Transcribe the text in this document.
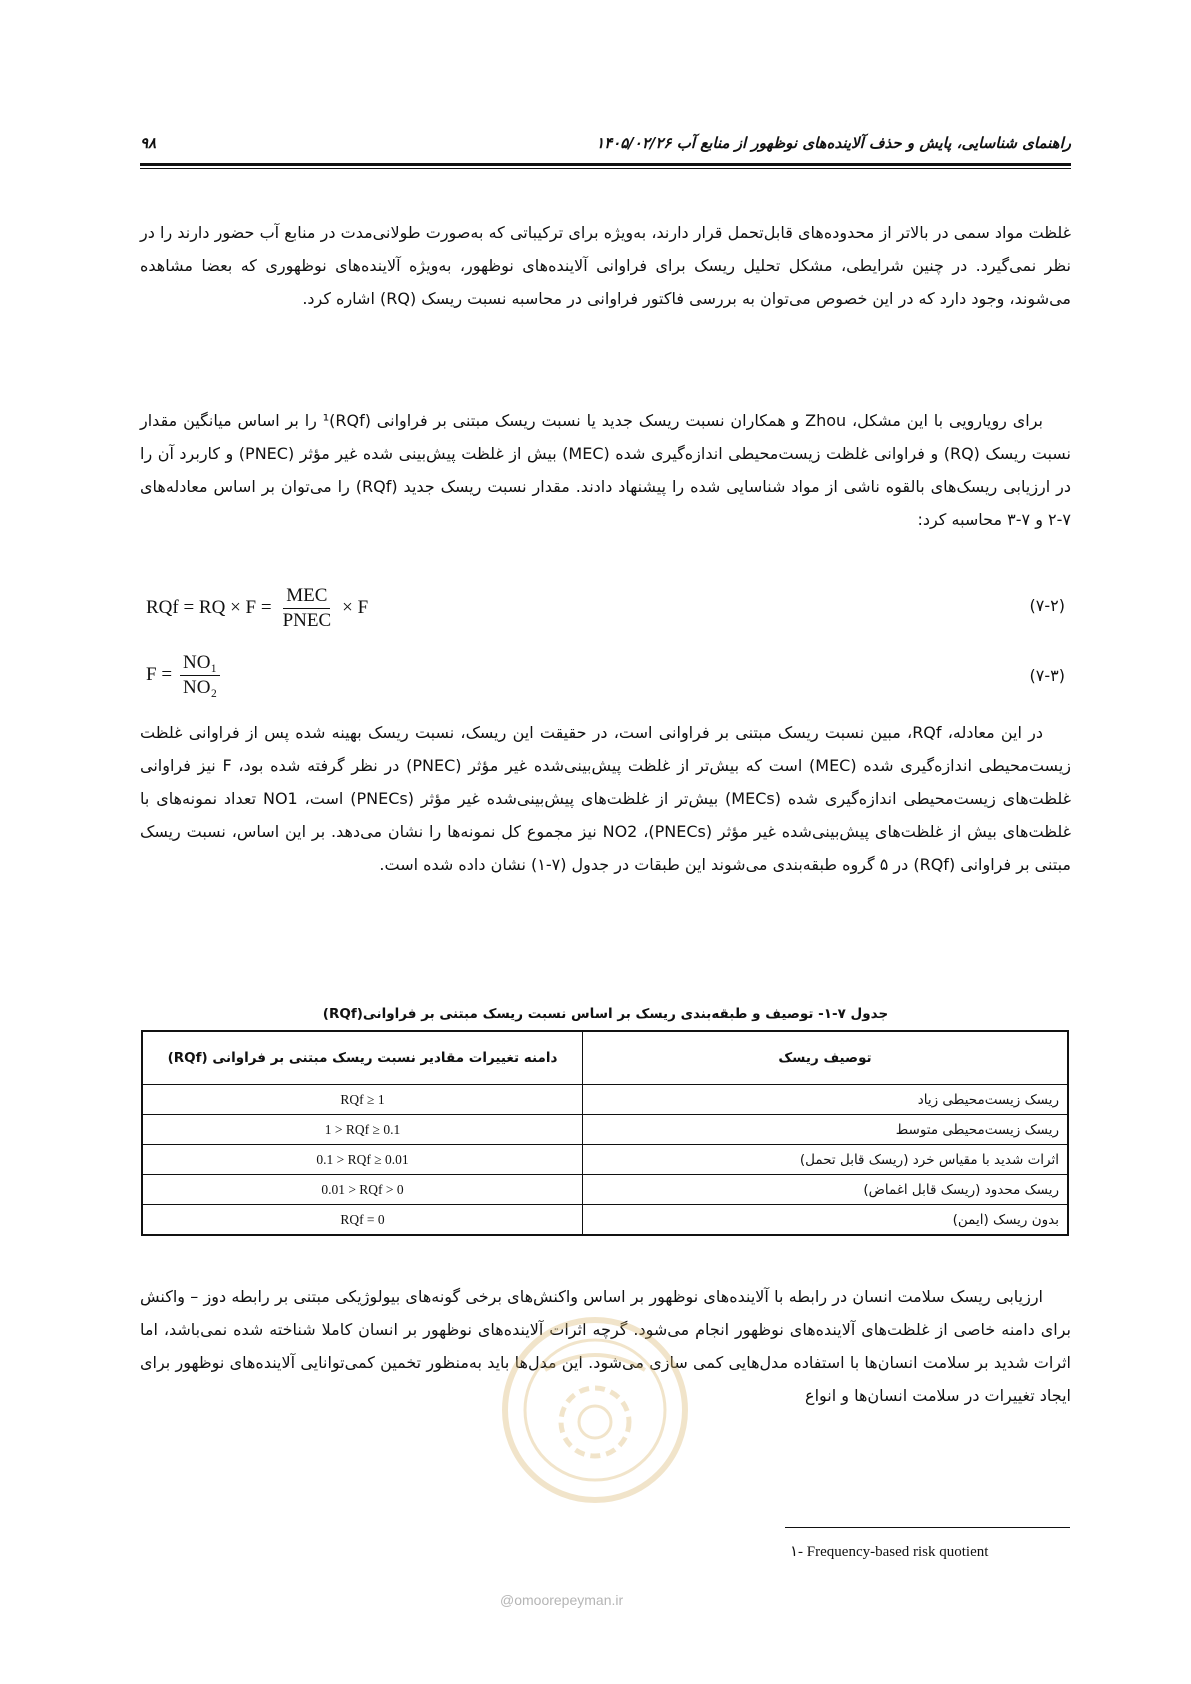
راهنمای شناسایی، پایش و حذف آلاینده‌های نوظهور از منابع آب ۱۴۰۵/۰۲/۲۶
۹۸

غلظت مواد سمی در بالاتر از محدوده‌های قابل‌تحمل قرار دارند، به‌ویژه برای ترکیباتی که به‌صورت طولانی‌مدت در منابع آب حضور دارند را در نظر نمی‌گیرد. در چنین شرایطی، مشکل تحلیل ریسک برای فراوانی آلاینده‌های نوظهور، به‌ویژه آلاینده‌های نوظهوری که بعضا مشاهده می‌شوند، وجود دارد که در این خصوص می‌توان به بررسی فاکتور فراوانی در محاسبه نسبت ریسک (RQ) اشاره کرد.

برای رویارویی با این مشکل، Zhou و همکاران نسبت ریسک جدید یا نسبت ریسک مبتنی بر فراوانی (RQf)¹ را بر اساس میانگین مقدار نسبت ریسک (RQ) و فراوانی غلظت زیست‌محیطی اندازه‌گیری شده (MEC) بیش از غلظت پیش‌بینی شده غیر مؤثر (PNEC) و کاربرد آن را در ارزیابی ریسک‌های بالقوه ناشی از مواد شناسایی شده را پیشنهاد دادند. مقدار نسبت ریسک جدید (RQf) را می‌توان بر اساس معادله‌های ۷-۲ و ۷-۳ محاسبه کرد:

RQf = RQ × $F = \frac{\text{MEC}}{\text{PNEC}} \times F$	(۷-۲)
$F = \frac{\text{NO₁}}{\text{NO₂}}$	(۷-۳)

در این معادله، RQf، مبین نسبت ریسک مبتنی بر فراوانی است، در حقیقت این ریسک، نسبت ریسک بهینه شده پس از فراوانی غلظت زیست‌محیطی اندازه‌گیری شده (MEC) است که بیش‌تر از غلظت پیش‌بینی‌شده غیر مؤثر (PNEC) در نظر گرفته شده بود، F نیز فراوانی غلظت‌های زیست‌محیطی اندازه‌گیری شده (MECs) بیش‌تر از غلظت‌های پیش‌بینی‌شده غیر مؤثر (PNECs) است، NO1 تعداد نمونه‌های با غلظت‌های بیش از غلظت‌های پیش‌بینی‌شده غیر مؤثر (PNECs)، NO2 نیز مجموع کل نمونه‌ها را نشان می‌دهد. بر این اساس، نسبت ریسک مبتنی بر فراوانی (RQf) در ۵ گروه طبقه‌بندی می‌شوند این طبقات در جدول (۷-۱) نشان داده شده است.

جدول ۷-۱- توصیف و طبقه‌بندی ریسک بر اساس نسبت ریسک مبتنی بر فراوانی(RQf)
توصیف ریسک	دامنه تغییرات مقادیر نسبت ریسک مبتنی بر فراوانی (RQf)
ریسک زیست‌محیطی زیاد	RQf ≥ 1
ریسک زیست‌محیطی متوسط	1 > RQf ≥ 0.1
اثرات شدید با مقیاس خرد (ریسک قابل تحمل)	0.1 > RQf ≥ 0.01
ریسک محدود (ریسک قابل اغماض)	0.01 > RQf > 0
بدون ریسک (ایمن)	RQf = 0

ارزیابی ریسک سلامت انسان در رابطه با آلاینده‌های نوظهور بر اساس واکنش‌های برخی گونه‌های بیولوژیکی مبتنی بر رابطه دوز – واکنش برای دامنه خاصی از غلظت‌های آلاینده‌های نوظهور انجام می‌شود. گرچه اثرات آلاینده‌های نوظهور بر انسان کاملا شناخته شده نمی‌باشد، اما اثرات شدید بر سلامت انسان‌ها با استفاده مدل‌هایی کمی سازی می‌شود. این مدل‌ها باید به‌منظور تخمین کمی‌توانایی آلاینده‌های نوظهور برای ایجاد تغییرات در سلامت انسان‌ها و انواع

@omoorepeyman.ir
۱- Frequency-based risk quotient
